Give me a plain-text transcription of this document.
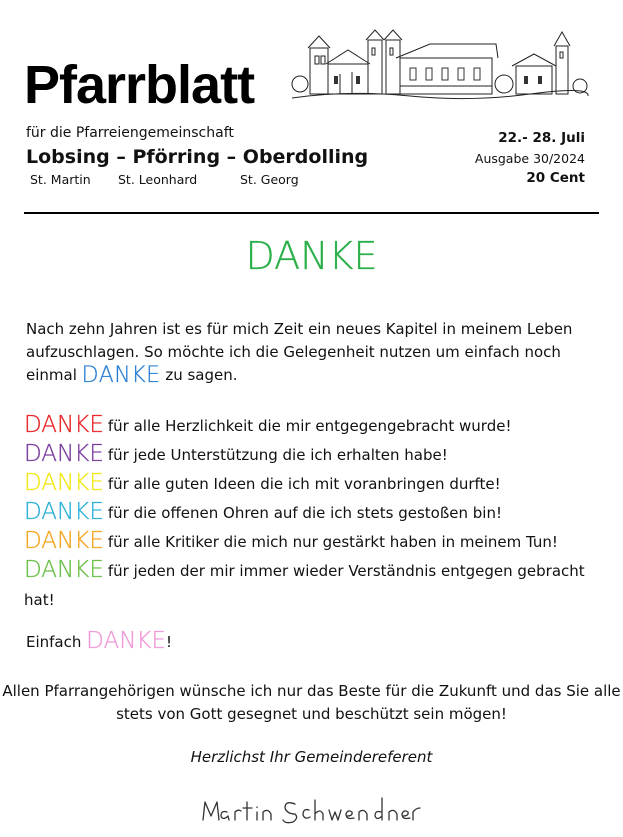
Pfarrblatt
für die Pfarreiengemeinschaft
Lobsing – Pförring – Oberdolling
St. Martin St. Leonhard	St. Georg
22.- 28. Juli
Ausgabe 30/2024
20 Cent
DANKE
Nach zehn Jahren ist es für mich Zeit ein neues Kapitel in meinem Leben aufzuschlagen. So möchte ich die Gelegenheit nutzen um einfach noch einmal DANKE zu sagen.
DANKE für alle Herzlichkeit die mir entgegengebracht wurde!
DANKE für jede Unterstützung die ich erhalten habe!
DANKE für alle guten Ideen die ich mit voranbringen durfte!
DANKE für die offenen Ohren auf die ich stets gestoßen bin!
DANKE für alle Kritiker die mich nur gestärkt haben in meinem Tun!
DANKE für jeden der mir immer wieder Verständnis entgegen gebracht hat!
Einfach DANKE!
Allen Pfarrangehörigen wünsche ich nur das Beste für die Zukunft und das Sie alle stets von Gott gesegnet und beschützt sein mögen!
Herzlichst Ihr Gemeindereferent
